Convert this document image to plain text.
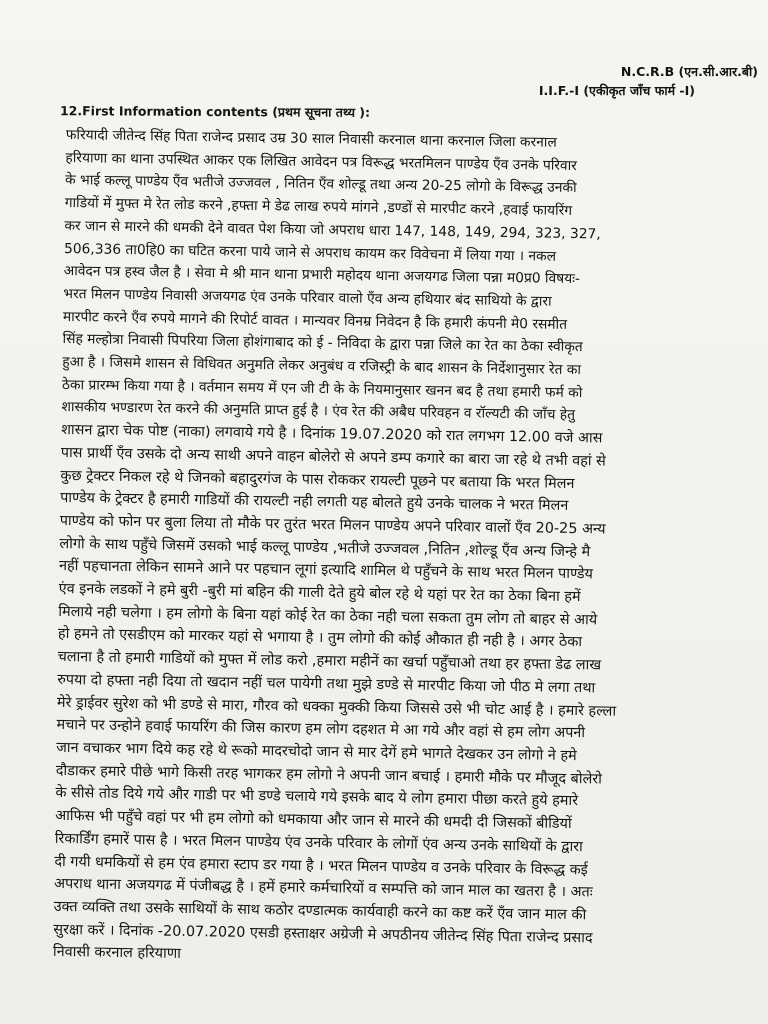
N.C.R.B (एन.सी.आर.बी)
I.I.F.-I (एकीकृत जाँच फार्म -I)
12.First Information contents (प्रथम सूचना तथ्य ):
फरियादी जीतेन्द सिंह पिता राजेन्द प्रसाद उम्र 30 साल निवासी करनाल थाना करनाल जिला करनाल
हरियाणा का थाना उपस्थित आकर एक लिखित आवेदन पत्र विरूद्ध भरतमिलन पाण्डेय एँव उनके परिवार
के भाई कल्लू पाण्डेय एँव भतीजे उज्जवल , नितिन एँव शोल्डू तथा अन्य 20-25 लोगो के विरूद्ध उनकी
गाडियों में मुफ्त मे रेत लोड करने ,हफ्ता मे डेढ लाख रुपये मांगने ,डण्डों से मारपीट करने ,हवाई फायरिंग
कर जान से मारने की धमकी देने वावत पेश किया जो अपराध धारा 147, 148, 149, 294, 323, 327,
506,336 ता0हि0 का घटित करना पाये जाने से अपराध कायम कर विवेचना में लिया गया । नकल
आवेदन पत्र हस्व जैल है । सेवा मे श्री मान थाना प्रभारी महोदय थाना अजयगढ जिला पन्ना म0प्र0 विषयः-
भरत मिलन पाण्डेय निवासी अजयगढ एंव उनके परिवार वालो एँव अन्य हथियार बंद साथियो के द्वारा
मारपीट करने एँव रुपये मागने की रिपोर्ट वावत । मान्यवर विनम्र निवेदन है कि हमारी कंपनी मे0 रसमीत
सिंह मल्होत्रा निवासी पिपरिया जिला होशंगाबाद को ई - निविदा के द्वारा पन्ना जिले का रेत का ठेका स्वीकृत
हुआ है । जिसमे शासन से विधिवत अनुमति लेकर अनुबंध व रजिस्ट्री के बाद शासन के निर्देशानुसार रेत का
ठेका प्रारम्भ किया गया है । वर्तमान समय में एन जी टी के के नियमानुसार खनन बद है तथा हमारी फर्म को
शासकीय भण्डारण रेत करने की अनुमति प्राप्त हुई है । एंव रेत की अबैध परिवहन व रॉल्यटी की जाँच हेतु
शासन द्वारा चेक पोष्ट (नाका) लगवाये गये है । दिनांक 19.07.2020 को रात लगभग 12.00 वजे आस
पास प्रार्थी एँव उसके दो अन्य साथी अपने वाहन बोलेरो से अपने डम्प कगारे का बारा जा रहे थे तभी वहां से
कुछ ट्रेक्टर निकल रहे थे जिनको बहादुरगंज के पास रोककर रायल्टी पूछने पर बताया कि भरत मिलन
पाण्डेय के ट्रेक्टर है हमारी गाडियों की रायल्टी नही लगती यह बोलते हुये उनके चालक ने भरत मिलन
पाण्डेय को फोन पर बुला लिया तो मौके पर तुरंत भरत मिलन पाण्डेय अपने परिवार वालों एँव 20-25 अन्य
लोगो के साथ पहुँचे जिसमें उसको भाई कल्लू पाण्डेय ,भतीजे उज्जवल ,नितिन ,शोल्डू एँव अन्य जिन्हे मै
नहीं पहचानता लेकिन सामने आने पर पहचान लूगां इत्यादि शामिल थे पहुँचने के साथ भरत मिलन पाण्डेय
एंव इनके लडकों ने हमे बुरी -बुरी मां बहिन की गाली देते हुये बोल रहे थे यहां पर रेत का ठेका बिना हमें
मिलाये नही चलेगा । हम लोगो के बिना यहां कोई रेत का ठेका नही चला सकता तुम लोग तो बाहर से आये
हो हमने तो एसडीएम को मारकर यहां से भगाया है । तुम लोगो की कोई औकात ही नही है । अगर ठेका
चलाना है तो हमारी गाडियों को मुफ्त में लोड करो ,हमारा महीनें का खर्चा पहुँचाओ तथा हर हफ्ता डेढ लाख
रुपया दो हफ्ता नही दिया तो खदान नहीं चल पायेगी तथा मुझे डण्डे से मारपीट किया जो पीठ मे लगा तथा
मेरे ड्राईवर सुरेश को भी डण्डे से मारा, गौरव को धक्का मुक्की किया जिससे उसे भी चोट आई है । हमारे हल्ला
मचाने पर उन्होने हवाई फायरिंग की जिस कारण हम लोग दहशत मे आ गये और वहां से हम लोग अपनी
जान वचाकर भाग दिये कह रहे थे रूको मादरचोदो जान से मार देगें हमे भागते देखकर उन लोगो ने हमे
दौडाकर हमारे पीछे भागे किसी तरह भागकर हम लोगो ने अपनी जान बचाई । हमारी मौके पर मौजूद बोलेरो
के सीसे तोड दिये गये और गाडी पर भी डण्डे चलाये गये इसके बाद ये लोग हमारा पीछा करते हुये हमारे
आफिस भी पहुँचे वहां पर भी हम लोगो को धमकाया और जान से मारने की धमदी दी जिसकों बीडियों
रिकार्डिंग हमारें पास है । भरत मिलन पाण्डेय एंव उनके परिवार के लोगों एंव अन्य उनके साथियों के द्वारा
दी गयी धमकियों से हम एंव हमारा स्टाप डर गया है । भरत मिलन पाण्डेय व उनके परिवार के विरूद्ध कई
अपराध थाना अजयगढ में पंजीबद्ध है । हमें हमारे कर्मचारियों व सम्पत्ति को जान माल का खतरा है । अतः
उक्त व्यक्ति तथा उसके साथियों के साथ कठोर दण्डात्मक कार्यवाही करने का कष्ट करें एँव जान माल की
सुरक्षा करें । दिनांक -20.07.2020 एसडी हस्ताक्षर अग्रेजी मे अपठीनय जीतेन्द सिंह पिता राजेन्द प्रसाद
निवासी करनाल हरियाणा
